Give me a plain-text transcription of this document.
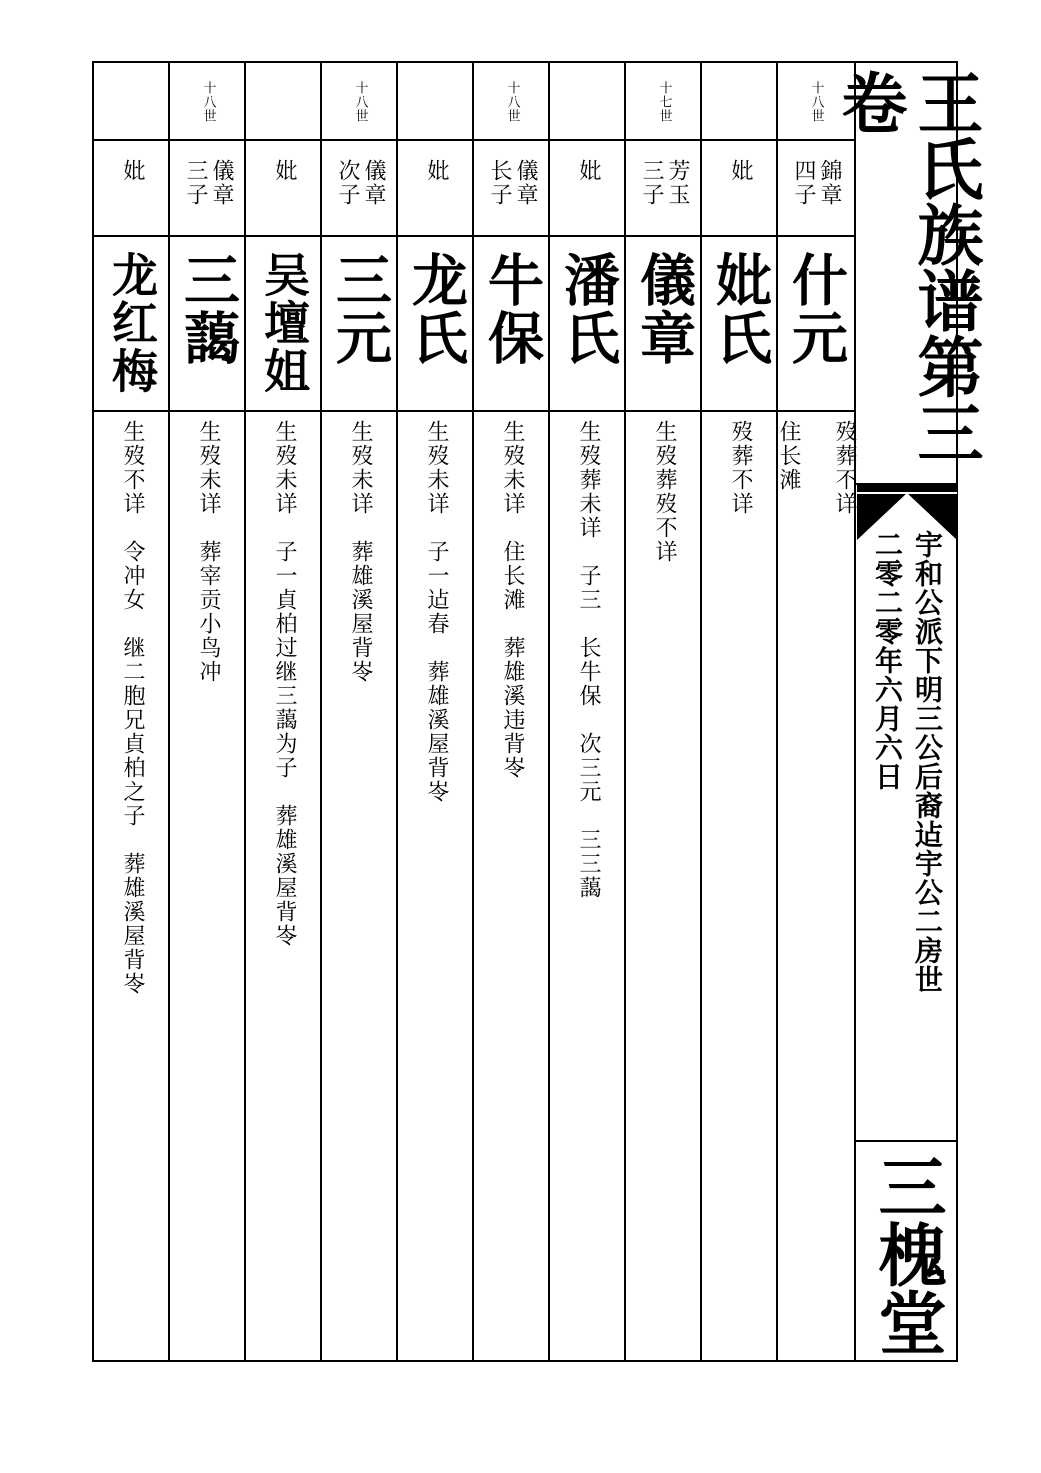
十八世
錦章 四子
什元
歿葬不详

住长滩
妣
妣氏
歿葬不详
十七世
芳玉 三子
儀章
生歿葬歿不详
妣
潘氏
生歿葬未详　子三　长牛保　次三元　三三藹
十八世
儀章 长子
牛保
生歿未详　住长滩　葬雄溪违背岺
妣
龙氏
生歿未详　子一迠春　葬雄溪屋背岺
十八世
儀章 次子
三元
生歿未详　葬雄溪屋背岺
妣
吴壇姐
生歿未详　子一貞柏过继三藹为子　葬雄溪屋背岺
十八世
儀章 三子
三藹
生歿未详　葬宰贡小鸟冲
妣
龙红梅
生歿不详　令冲女　继二胞兄貞柏之子　葬雄溪屋背岺
王氏族谱第三卷
宇和公派下明三公后裔迠宇公二房世
二零二零年六月六日
三槐堂
